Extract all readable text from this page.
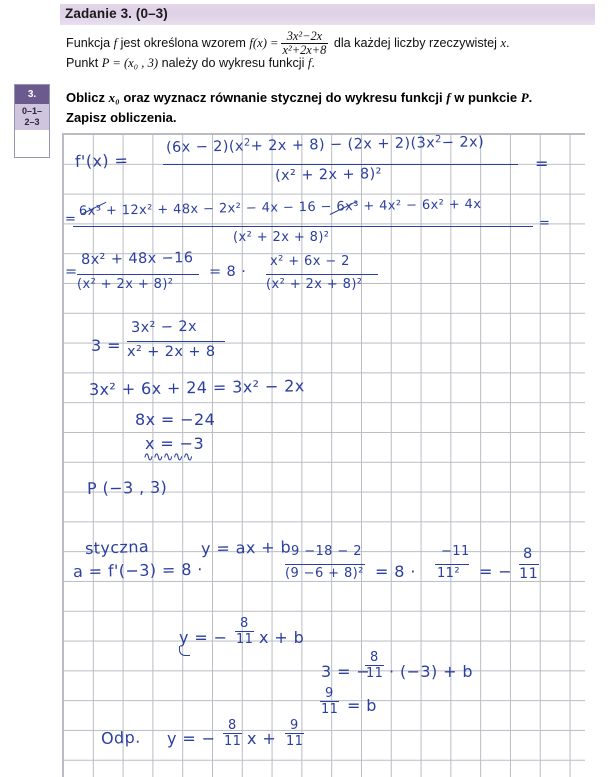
Zadanie 3. (0–3)
3.
0–1–
2–3
Funkcja f jest określona wzorem $f(x) = \frac{\text{3x²−2x}}{\text{x²+2x+8}}$ dla każdej liczby rzeczywistej x.
Punkt P = (x₀ , 3) należy do wykresu funkcji f.
Oblicz x₀ oraz wyznacz równanie stycznej do wykresu funkcji f w punkcie P.
Zapisz obliczenia.
f'(x) =
$(6x - 2)(x^2+ 2x + 8) - (2x + 2)(3x^2- 2x)$
(x² + 2x + 8)²
=
=
6x³ + 12x² + 48x − 2x² − 4x − 16 − 6x³ + 4x² − 6x² + 4x
(x² + 2x + 8)²
=
=
8x² + 48x −16
(x² + 2x + 8)²
= 8 ·
x² + 6x − 2
(x² + 2x + 8)²
3 =
3x² − 2x
x² + 2x + 8
3x² + 6x + 24 = 3x² − 2x
8x = −24
x = −3
∿∿∿∿∿
P (−3 , 3)
styczna	y = ax + b
a = f'(−3) = 8 ·
9 −18 − 2
(9 −6 + 8)² = 8 ·
−11
11² = −
8
11
y = −
8
11 x + b
3 = −
8
11 · (−3) + b
9
11 = b
Odp. y = −
8
11 x +
9
11
